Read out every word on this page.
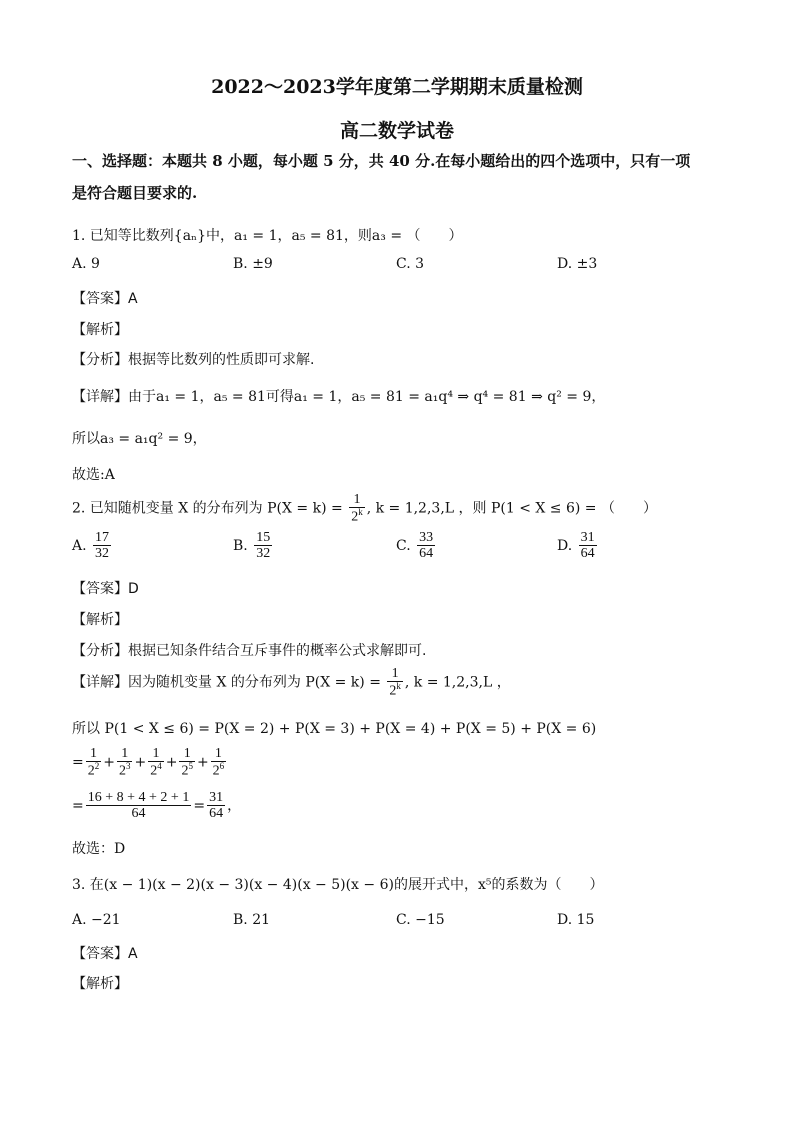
2022～2023学年度第二学期期末质量检测
高二数学试卷
一、选择题：本题共 8 小题，每小题 5 分，共 40 分.在每小题给出的四个选项中，只有一项
是符合题目要求的.
1. 已知等比数列{aₙ}中，a₁ = 1，a₅ = 81，则a₃ = （　　）
A. 9	B. ±9	C. 3	D. ±3
【答案】A
【解析】
【分析】根据等比数列的性质即可求解.
【详解】由于a₁ = 1，a₅ = 81可得a₁ = 1，a₅ = 81 = a₁q⁴ ⇒ q⁴ = 81 ⇒ q² = 9，
所以a₃ = a₁q² = 9，
故选:A
2. 已知随机变量 X 的分布列为 $P(X = k) = \frac{1}{2^k}$ , k = 1,2,3,L ，则 P(1 < X ≤ 6) = （　　）
A. $\frac{17}{32}$	B. $\frac{15}{32}$	C. $\frac{33}{64}$	D. $\frac{31}{64}$
【答案】D
【解析】
【分析】根据已知条件结合互斥事件的概率公式求解即可.
【详解】因为随机变量 X 的分布列为 $P(X = k) = \frac{1}{2^k}$ , k = 1,2,3,L ，
所以 P(1 < X ≤ 6) = P(X = 2) + P(X = 3) + P(X = 4) + P(X = 5) + P(X = 6)
= $\frac{1}{2^2} + \frac{1}{2^3} + \frac{1}{2^4} + \frac{1}{2^5} + \frac{1}{2^6}$
= $\frac{16 + 8 + 4 + 2 + 1}{64} = \frac{31}{64}$ ，
故选：D
3. 在(x − 1)(x − 2)(x − 3)(x − 4)(x − 5)(x − 6)的展开式中，x⁵的系数为（　　）
A. −21	B. 21	C. −15	D. 15
【答案】A
【解析】
